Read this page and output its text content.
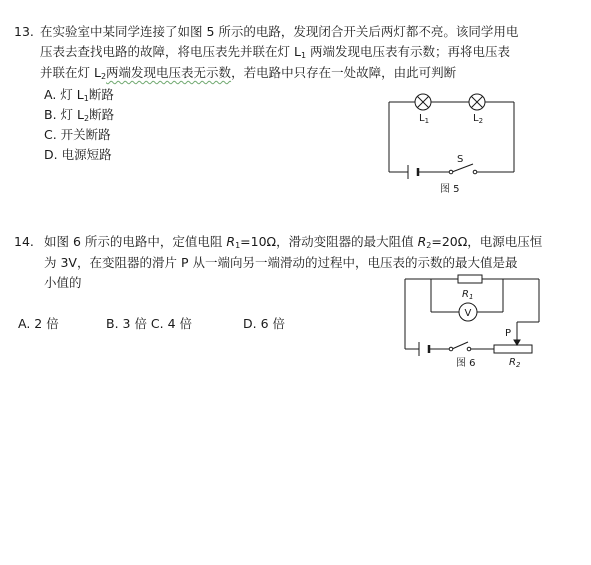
13. 在实验室中某同学连接了如图 5 所示的电路，发现闭合开关后两灯都不亮。该同学用电
压表去查找电路的故障，将电压表先并联在灯 $L_1$ 两端发现电压表有示数；再将电压表
并联在灯 $L_2$两端发现电压表无示数，若电路中只存在一处故障，由此可判断
A. 灯 $L_1$断路
B. 灯 $L_2$断路
C. 开关断路
D. 电源短路
$L_1$	$L_2$
S
图 5
14. 如图 6 所示的电路中，定值电阻 $R_1=10\Omega$，滑动变阻器的最大阻值 $R_2=20\Omega$，电源电压恒
为 3V，在变阻器的滑片 P 从一端向另一端滑动的过程中，电压表的示数的最大值是最
小值的
A. 2 倍	B. 3 倍 C. 4 倍	D. 6 倍
V
$R_1$
P
$R_2$
图 6
